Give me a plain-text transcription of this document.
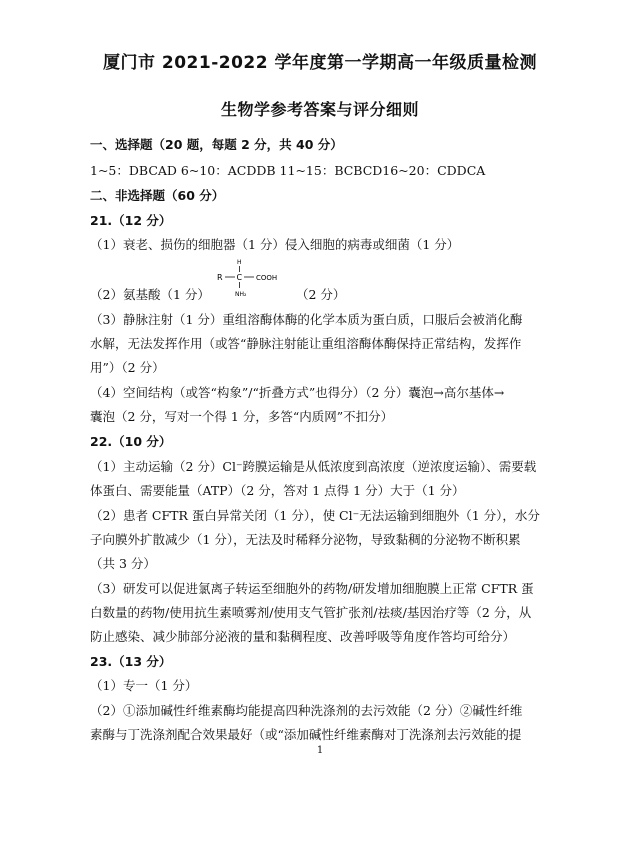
厦门市 2021-2022 学年度第一学期高一年级质量检测
生物学参考答案与评分细则
一、选择题（20 题，每题 2 分，共 40 分）
1~5：DBCAD 6~10：ACDDB 11~15：BCBCD16~20：CDDCA
二、非选择题（60 分）
21.（12 分）
（1）衰老、损伤的细胞器（1 分）侵入细胞的病毒或细菌（1 分）
（2）氨基酸（1 分）
R
H
C COOH
NH₂	（2 分）
（3）静脉注射（1 分）重组溶酶体酶的化学本质为蛋白质，口服后会被消化酶
水解，无法发挥作用（或答“静脉注射能让重组溶酶体酶保持正常结构，发挥作
用”）（2 分）
（4）空间结构（或答“构象”/“折叠方式”也得分）（2 分）囊泡→高尔基体→
囊泡（2 分，写对一个得 1 分，多答“内质网”不扣分）
22.（10 分）
（1）主动运输（2 分）Cl⁻跨膜运输是从低浓度到高浓度（逆浓度运输）、需要载
体蛋白、需要能量（ATP）（2 分，答对 1 点得 1 分）大于（1 分）
（2）患者 CFTR 蛋白异常关闭（1 分），使 Cl⁻无法运输到细胞外（1 分），水分
子向膜外扩散减少（1 分），无法及时稀释分泌物，导致黏稠的分泌物不断积累
（共 3 分）
（3）研发可以促进氯离子转运至细胞外的药物/研发增加细胞膜上正常 CFTR 蛋
白数量的药物/使用抗生素喷雾剂/使用支气管扩张剂/祛痰/基因治疗等（2 分，从
防止感染、减少肺部分泌液的量和黏稠程度、改善呼吸等角度作答均可给分）
23.（13 分）
（1）专一（1 分）
（2）①添加碱性纤维素酶均能提高四种洗涤剂的去污效能（2 分）②碱性纤维
素酶与丁洗涤剂配合效果最好（或“添加碱性纤维素酶对丁洗涤剂去污效能的提
1
